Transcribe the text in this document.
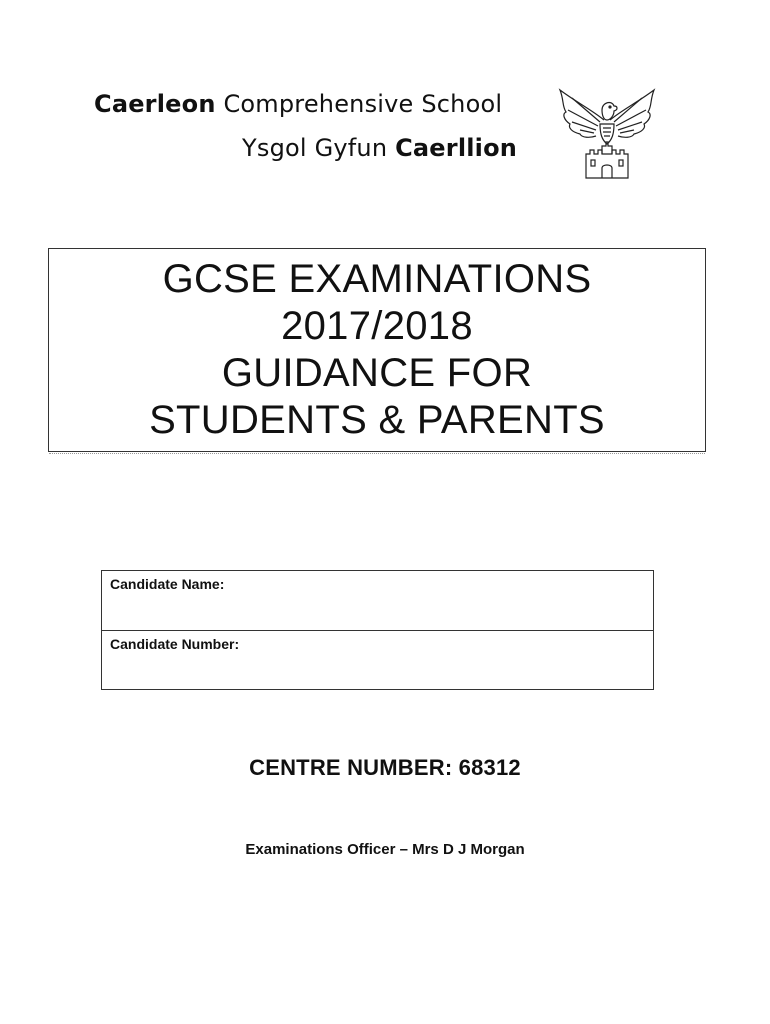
Caerleon Comprehensive School
Ysgol Gyfun Caerllion
GCSE EXAMINATIONS
2017/2018
GUIDANCE FOR
STUDENTS & PARENTS
Candidate Name:
Candidate Number:
CENTRE NUMBER: 68312
Examinations Officer – Mrs D J Morgan
